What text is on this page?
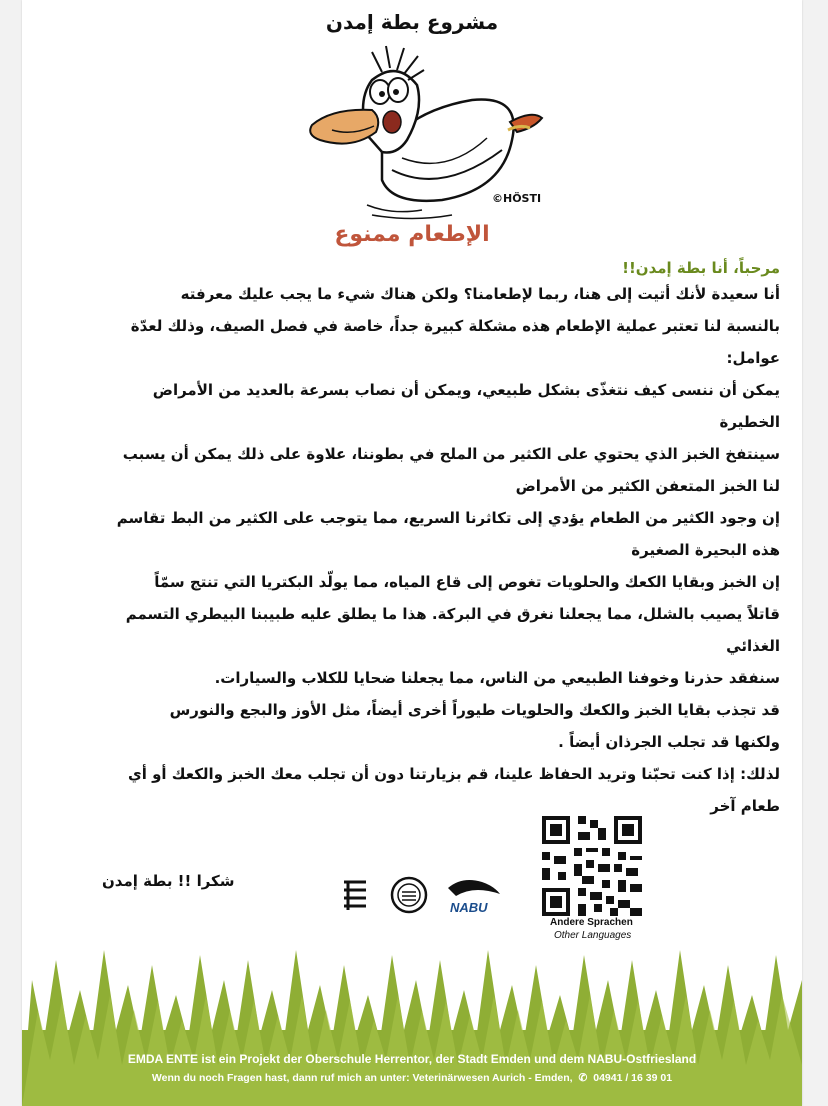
مشروع بطة إمدن
©HÖSTI
الإطعام ممنوع
مرحباً، أنا بطة إمدن!!
أنا سعيدة لأنك أتيت إلى هنا، ربما لإطعامنا؟ ولكن هناك شيء ما يجب عليك معرفته
بالنسبة لنا تعتبر عملية الإطعام هذه مشكلة كبيرة جداً، خاصة في فصل الصيف، وذلك لعدّة
عوامل:
يمكن أن ننسى كيف نتغذّى بشكل طبيعي، ويمكن أن نصاب بسرعة بالعديد من الأمراض
الخطيرة
سينتفخ الخبز الذي يحتوي على الكثير من الملح في بطوننا، علاوة على ذلك يمكن أن يسبب
لنا الخبز المتعفن الكثير من الأمراض
إن وجود الكثير من الطعام يؤدي إلى تكاثرنا السريع، مما يتوجب على الكثير من البط تقاسم
هذه البحيرة الصغيرة
إن الخبز وبقايا الكعك والحلويات تغوص إلى قاع المياه، مما يولّد البكتريا التي تنتج سمّاً
قاتلاً يصيب بالشلل، مما يجعلنا نغرق في البركة. هذا ما يطلق عليه طبيبنا البيطري التسمم
الغذائي
سنفقد حذرنا وخوفنا الطبيعي من الناس، مما يجعلنا ضحايا للكلاب والسيارات.
قد تجذب بقايا الخبز والكعك والحلويات طيوراً أخرى أيضاً، مثل الأوز والبجع والنورس
ولكنها قد تجلب الجرذان أيضاً .
لذلك: إذا كنت تحبّنا وتريد الحفاظ علينا، قم بزيارتنا دون أن تجلب معك الخبز والكعك أو أي
طعام آخر
Andere Sprachen
Other Languages
شكرا !! بطة إمدن
NABU
EMDA ENTE ist ein Projekt der Oberschule Herrentor, der Stadt Emden und dem NABU-Ostfriesland
Wenn du noch Fragen hast, dann ruf mich an unter: Veterinärwesen Aurich - Emden, ✆ 04941 / 16 39 01
